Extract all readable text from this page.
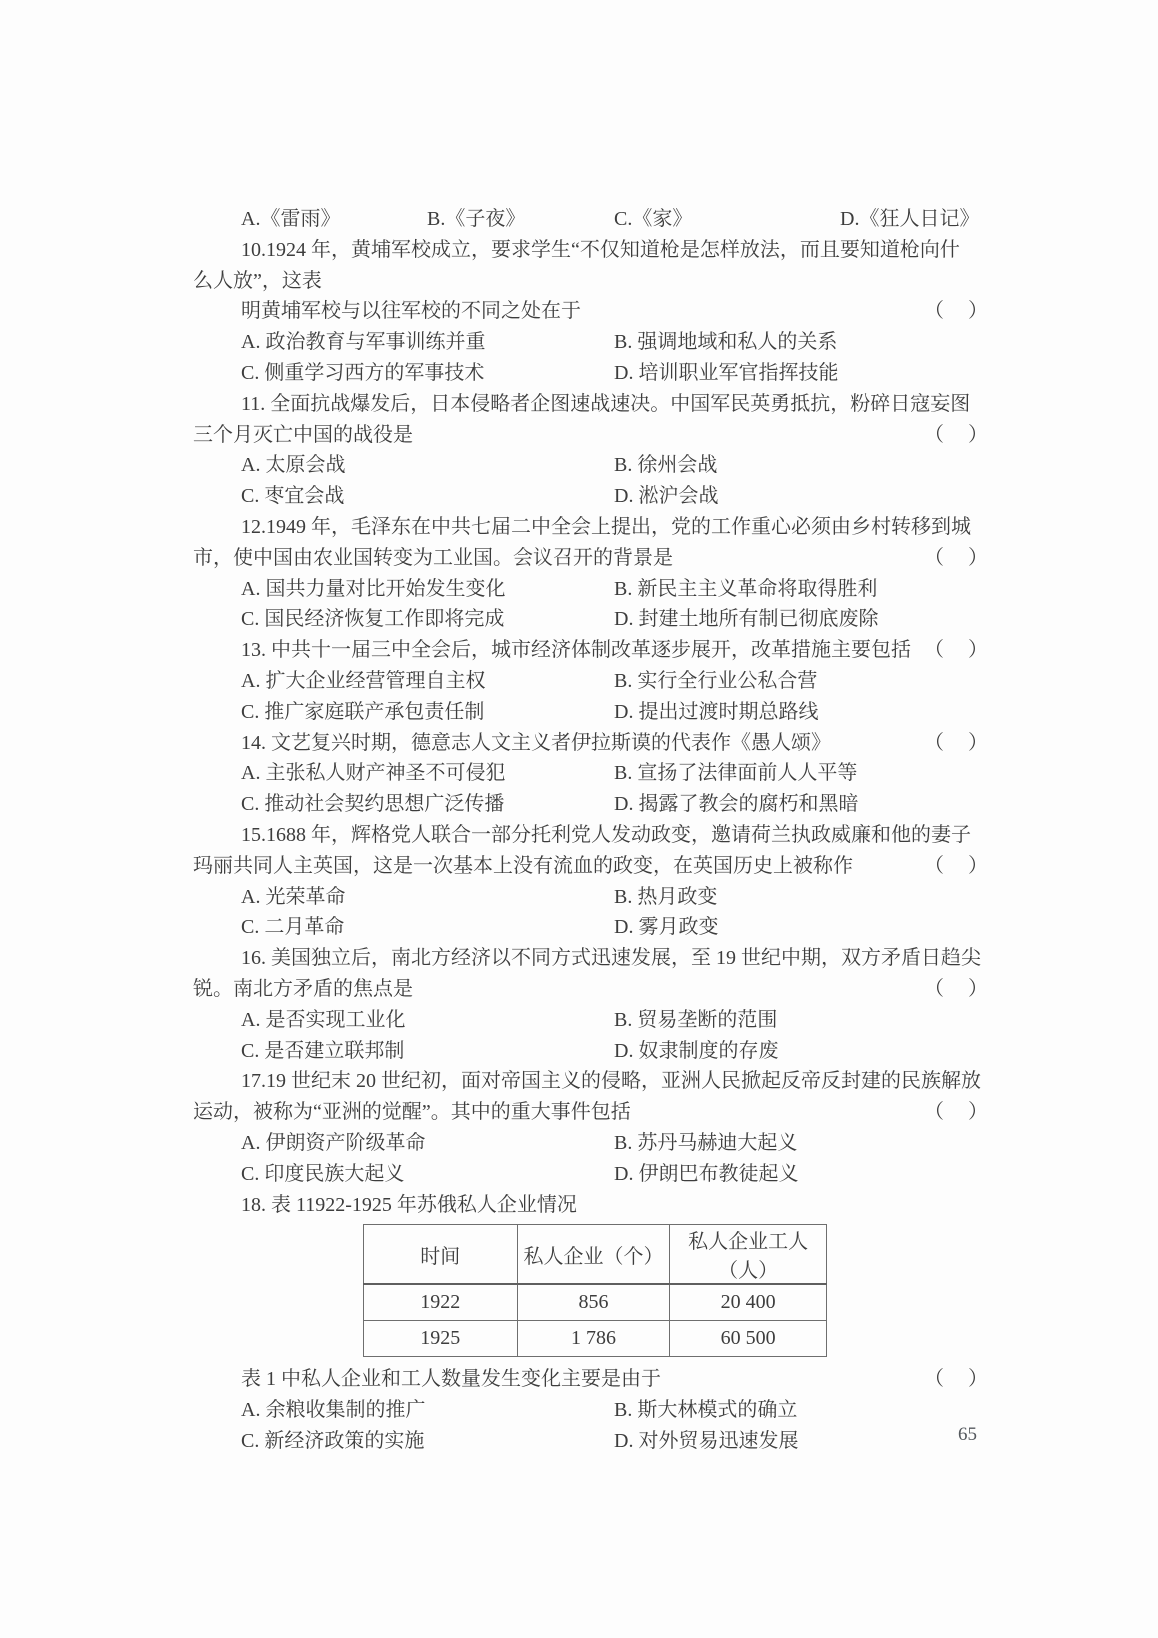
A.《雷雨》	B.《子夜》	C.《家》	D.《狂人日记》
10.1924 年，黄埔军校成立，要求学生“不仅知道枪是怎样放法，而且要知道枪向什
么人放”，这表
明黄埔军校与以往军校的不同之处在于	（　）
A. 政治教育与军事训练并重	B. 强调地域和私人的关系
C. 侧重学习西方的军事技术	D. 培训职业军官指挥技能
11. 全面抗战爆发后，日本侵略者企图速战速决。中国军民英勇抵抗，粉碎日寇妄图
三个月灭亡中国的战役是	（　）
A. 太原会战	B. 徐州会战
C. 枣宜会战	D. 淞沪会战
12.1949 年，毛泽东在中共七届二中全会上提出，党的工作重心必须由乡村转移到城
市，使中国由农业国转变为工业国。会议召开的背景是	（　）
A. 国共力量对比开始发生变化	B. 新民主主义革命将取得胜利
C. 国民经济恢复工作即将完成	D. 封建土地所有制已彻底废除
13. 中共十一届三中全会后，城市经济体制改革逐步展开，改革措施主要包括 （　）
A. 扩大企业经营管理自主权	B. 实行全行业公私合营
C. 推广家庭联产承包责任制	D. 提出过渡时期总路线
14. 文艺复兴时期，德意志人文主义者伊拉斯谟的代表作《愚人颂》	（　）
A. 主张私人财产神圣不可侵犯	B. 宣扬了法律面前人人平等
C. 推动社会契约思想广泛传播	D. 揭露了教会的腐朽和黑暗
15.1688 年，辉格党人联合一部分托利党人发动政变，邀请荷兰执政威廉和他的妻子
玛丽共同人主英国，这是一次基本上没有流血的政变，在英国历史上被称作	（　）
A. 光荣革命	B. 热月政变
C. 二月革命	D. 雾月政变
16. 美国独立后，南北方经济以不同方式迅速发展，至 19 世纪中期，双方矛盾日趋尖
锐。南北方矛盾的焦点是	（　）
A. 是否实现工业化	B. 贸易垄断的范围
C. 是否建立联邦制	D. 奴隶制度的存废
17.19 世纪末 20 世纪初，面对帝国主义的侵略，亚洲人民掀起反帝反封建的民族解放
运动，被称为“亚洲的觉醒”。其中的重大事件包括	（　）
A. 伊朗资产阶级革命	B. 苏丹马赫迪大起义
C. 印度民族大起义	D. 伊朗巴布教徒起义
18. 表 11922-1925 年苏俄私人企业情况
时间	私人企业（个）	私人企业工人（人）
1922	856	20 400
1925	1 786	60 500
表 1 中私人企业和工人数量发生变化主要是由于	（　）
A. 余粮收集制的推广	B. 斯大林模式的确立
C. 新经济政策的实施	D. 对外贸易迅速发展	65
